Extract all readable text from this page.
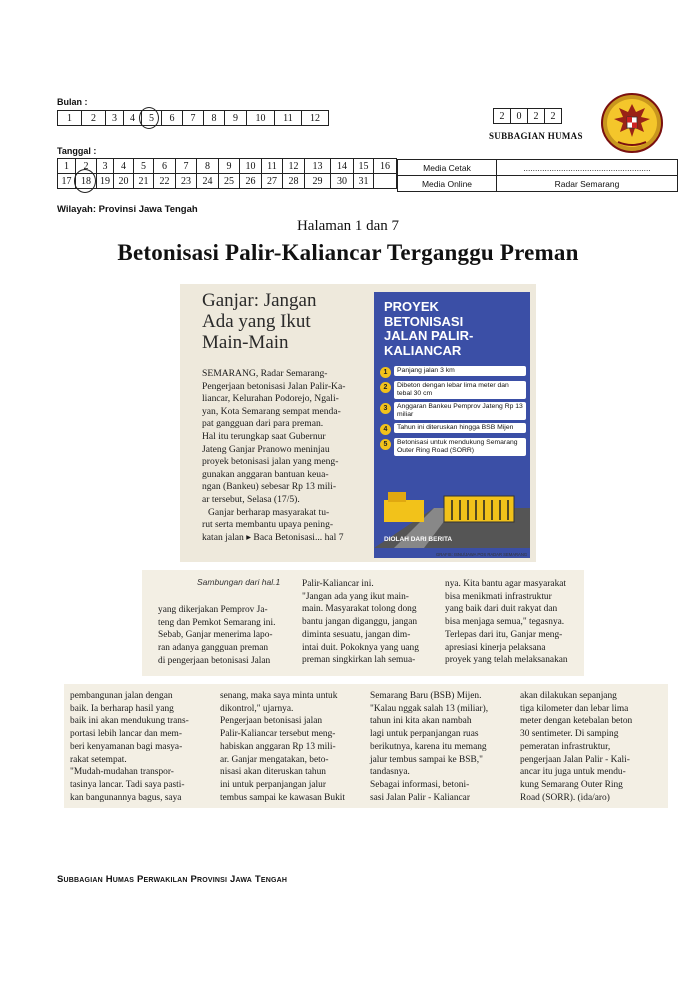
Bulan :
1	2	3	4	5	6	7	8	9	10	11	12	2	0	2	2
SUBBAGIAN HUMAS
Tanggal :
1	2	3	4	5	6	7	8	9	10	11	12	13	14	15	16
17	18	19	20	21	22	23	24	25	26	27	28	29	30	31	
Media Cetak	......................................................
Media Online	Radar Semarang
Wilayah: Provinsi Jawa Tengah
Halaman 1 dan 7
Betonisasi Palir-Kaliancar Terganggu Preman
Ganjar: Jangan
Ada yang Ikut
Main-Main
SEMARANG, Radar Semarang-
Pengerjaan betonisasi Jalan Palir-Ka-
liancar, Kelurahan Podorejo, Ngali-
yan, Kota Semarang sempat menda-
pat gangguan dari para preman.
Hal itu terungkap saat Gubernur
Jateng Ganjar Pranowo meninjau
proyek betonisasi jalan yang meng-
gunakan anggaran bantuan keua-
ngan (Bankeu) sebesar Rp 13 mili-
ar tersebut, Selasa (17/5).
Ganjar berharap masyarakat tu-
rut serta membantu upaya pening-
katan jalan ▸ Baca Betonisasi... hal 7
PROYEK
BETONISASI
JALAN PALIR-
KALIANCAR
1	Panjang jalan 3 km
2	Dibeton dengan lebar lima meter dan tebal 30 cm
3	Anggaran Bankeu Pemprov Jateng Rp 13 miliar
4	Tahun ini diteruskan hingga BSB Mijen
5	Betonisasi untuk mendukung Semarang Outer Ring Road (SORR)
DIOLAH DARI BERITA
GRAFIS: ISNU/JAWA POS RADAR SEMARANG
Sambungan dari hal.1
yang dikerjakan Pemprov Ja-
teng dan Pemkot Semarang ini.
Sebab, Ganjar menerima lapo-
ran adanya gangguan preman
di pengerjaan betonisasi Jalan
Palir-Kaliancar ini.
"Jangan ada yang ikut main-
main. Masyarakat tolong dong
bantu jangan diganggu, jangan
diminta sesuatu, jangan dim-
intai duit. Pokoknya yang uang
preman singkirkan lah semua-
nya. Kita bantu agar masyarakat
bisa menikmati infrastruktur
yang baik dari duit rakyat dan
bisa menjaga semua," tegasnya.
Terlepas dari itu, Ganjar meng-
apresiasi kinerja pelaksana
proyek yang telah melaksanakan
pembangunan jalan dengan
baik. Ia berharap hasil yang
baik ini akan mendukung trans-
portasi lebih lancar dan mem-
beri kenyamanan bagi masya-
rakat setempat.
"Mudah-mudahan transpor-
tasinya lancar. Tadi saya pasti-
kan bangunannya bagus, saya
senang, maka saya minta untuk
dikontrol," ujarnya.
Pengerjaan betonisasi jalan
Palir-Kaliancar tersebut meng-
habiskan anggaran Rp 13 mili-
ar. Ganjar mengatakan, beto-
nisasi akan diteruskan tahun
ini untuk perpanjangan jalur
tembus sampai ke kawasan Bukit
Semarang Baru (BSB) Mijen.
"Kalau nggak salah 13 (miliar),
tahun ini kita akan nambah
lagi untuk perpanjangan ruas
berikutnya, karena itu memang
jalur tembus sampai ke BSB,"
tandasnya.
Sebagai informasi, betoni-
sasi Jalan Palir - Kaliancar
akan dilakukan sepanjang
tiga kilometer dan lebar lima
meter dengan ketebalan beton
30 sentimeter. Di samping
pemeratan infrastruktur,
pengerjaan Jalan Palir - Kali-
ancar itu juga untuk mendu-
kung Semarang Outer Ring
Road (SORR). (ida/aro)
Subbagian Humas Perwakilan Provinsi Jawa Tengah
